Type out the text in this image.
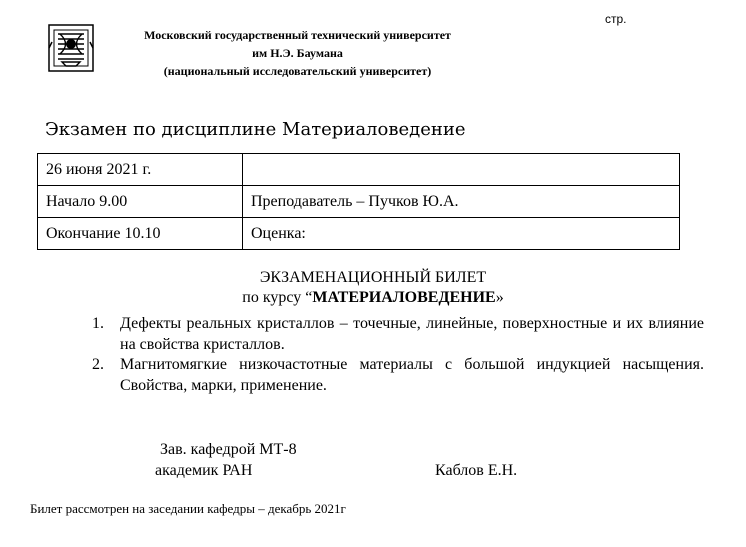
стр.
Московский государственный технический университет
им Н.Э. Баумана
(национальный исследовательский университет)
Экзамен по дисциплине Материаловедение
26 июня 2021 г.	
Начало 9.00	Преподаватель – Пучков Ю.А.
Окончание 10.10	Оценка:
ЭКЗАМЕНАЦИОННЫЙ БИЛЕТ
по курсу “МАТЕРИАЛОВЕДЕНИЕ»
1. Дефекты реальных кристаллов – точечные, линейные, поверхностные и их влияние на свойства кристаллов.
2. Магнитомягкие низкочастотные материалы с большой индукцией насыщения. Свойства, марки, применение.
Зав. кафедрой МТ-8
академик РАН	Каблов Е.Н.
Билет рассмотрен на заседании кафедры – декабрь 2021г
